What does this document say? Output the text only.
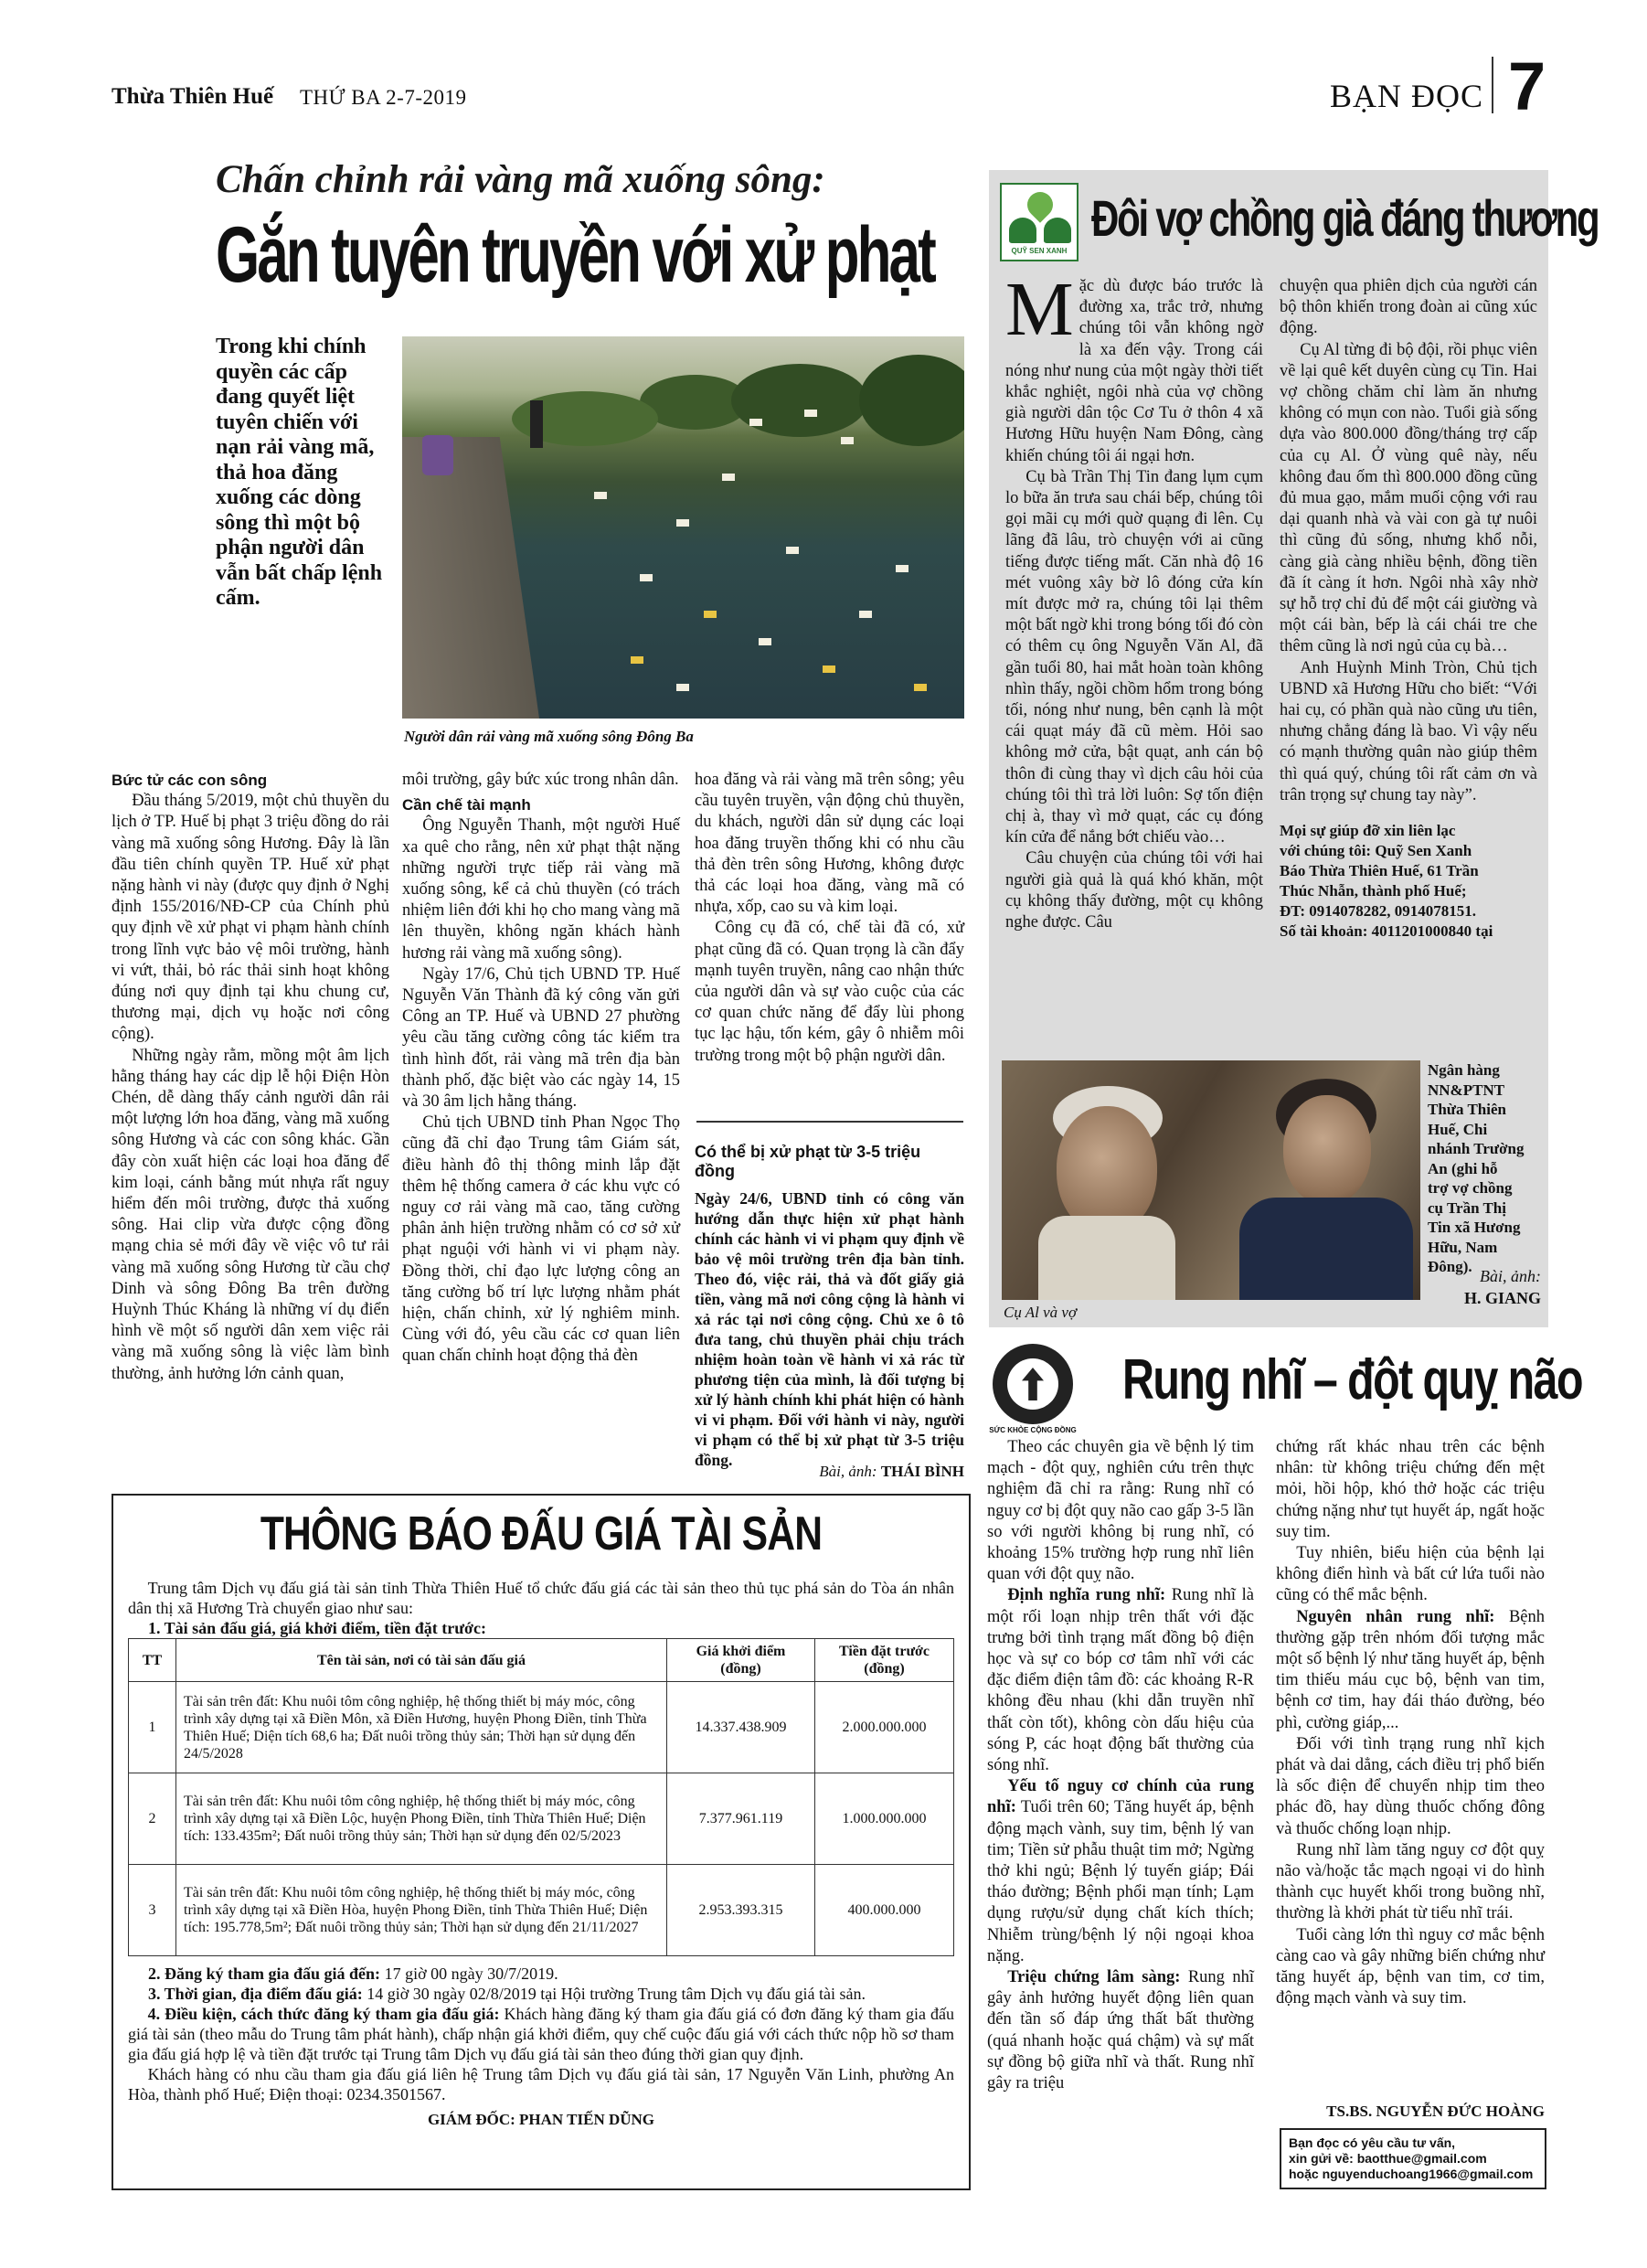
Thừa Thiên Huế THỨ BA 2-7-2019	BẠN ĐỌC 7
Chấn chỉnh rải vàng mã xuống sông:
Gắn tuyên truyền với xử phạt
Trong khi chính quyền các cấp đang quyết liệt tuyên chiến với nạn rải vàng mã, thả hoa đăng xuống các dòng sông thì một bộ phận người dân vẫn bất chấp lệnh cấm.
Người dân rải vàng mã xuống sông Đông Ba
Bức tử các con sông

Đầu tháng 5/2019, một chủ thuyền du lịch ở TP. Huế bị phạt 3 triệu đồng do rải vàng mã xuống sông Hương. Đây là lần đầu tiên chính quyền TP. Huế xử phạt nặng hành vi này (được quy định ở Nghị định 155/2016/NĐ-CP của Chính phủ quy định về xử phạt vi phạm hành chính trong lĩnh vực bảo vệ môi trường, hành vi vứt, thải, bỏ rác thải sinh hoạt không đúng nơi quy định tại khu chung cư, thương mại, dịch vụ hoặc nơi công cộng).

Những ngày rằm, mồng một âm lịch hằng tháng hay các dịp lễ hội Điện Hòn Chén, dễ dàng thấy cảnh người dân rải một lượng lớn hoa đăng, vàng mã xuống sông Hương và các con sông khác. Gần đây còn xuất hiện các loại hoa đăng để kim loại, cánh bằng mút nhựa rất nguy hiểm đến môi trường, được thả xuống sông. Hai clip vừa được cộng đồng mạng chia sẻ mới đây về việc vô tư rải vàng mã xuống sông Hương từ cầu chợ Dinh và sông Đông Ba trên đường Huỳnh Thúc Kháng là những ví dụ điển hình về một số người dân xem việc rải vàng mã xuống sông là việc làm bình thường, ảnh hưởng lớn cảnh quan,

môi trường, gây bức xúc trong nhân dân.

Cần chế tài mạnh

Ông Nguyễn Thanh, một người Huế xa quê cho rằng, nên xử phạt thật nặng những người trực tiếp rải vàng mã xuống sông, kể cả chủ thuyền (có trách nhiệm liên đới khi họ cho mang vàng mã lên thuyền, không ngăn khách hành hương rải vàng mã xuống sông).

Ngày 17/6, Chủ tịch UBND TP. Huế Nguyễn Văn Thành đã ký công văn gửi Công an TP. Huế và UBND 27 phường yêu cầu tăng cường công tác kiểm tra tình hình đốt, rải vàng mã trên địa bàn thành phố, đặc biệt vào các ngày 14, 15 và 30 âm lịch hằng tháng.

Chủ tịch UBND tỉnh Phan Ngọc Thọ cũng đã chỉ đạo Trung tâm Giám sát, điều hành đô thị thông minh lắp đặt thêm hệ thống camera ở các khu vực có nguy cơ rải vàng mã cao, tăng cường phân ảnh hiện trường nhằm có cơ sở xử phạt nguội với hành vi vi phạm này. Đồng thời, chỉ đạo lực lượng công an tăng cường bố trí lực lượng nhằm phát hiện, chấn chỉnh, xử lý nghiêm minh. Cùng với đó, yêu cầu các cơ quan liên quan chấn chỉnh hoạt động thả đèn

hoa đăng và rải vàng mã trên sông; yêu cầu tuyên truyền, vận động chủ thuyền, du khách, người dân sử dụng các loại hoa đăng truyền thống khi có nhu cầu thả đèn trên sông Hương, không được thả các loại hoa đăng, vàng mã có nhựa, xốp, cao su và kim loại.

Công cụ đã có, chế tài đã có, xử phạt cũng đã có. Quan trọng là cần đẩy mạnh tuyên truyền, nâng cao nhận thức của người dân và sự vào cuộc của các cơ quan chức năng để đẩy lùi phong tục lạc hậu, tốn kém, gây ô nhiễm môi trường trong một bộ phận người dân.

Có thể bị xử phạt từ 3-5 triệu đồng
Ngày 24/6, UBND tỉnh có công văn hướng dẫn thực hiện xử phạt hành chính các hành vi vi phạm quy định về bảo vệ môi trường trên địa bàn tỉnh. Theo đó, việc rải, thả và đốt giấy giả tiền, vàng mã nơi công cộng là hành vi xả rác tại nơi công cộng. Chủ xe ô tô đưa tang, chủ thuyền phải chịu trách nhiệm hoàn toàn về hành vi xả rác từ phương tiện của mình, là đối tượng bị xử lý hành chính khi phát hiện có hành vi vi phạm. Đối với hành vi này, người vi phạm có thể bị xử phạt từ 3-5 triệu đồng.
Bài, ảnh: THÁI BÌNH
QUỸ SEN XANH
Đôi vợ chồng già đáng thương
M ặc dù được báo trước là đường xa, trắc trở, nhưng chúng tôi vẫn không ngờ là xa đến vậy. Trong cái nóng như nung của một ngày thời tiết khắc nghiệt, ngôi nhà của vợ chồng già người dân tộc Cơ Tu ở thôn 4 xã Hương Hữu huyện Nam Đông, càng khiến chúng tôi ái ngại hơn.

Cụ bà Trần Thị Tin đang lụm cụm lo bữa ăn trưa sau chái bếp, chúng tôi gọi mãi cụ mới quờ quạng đi lên. Cụ lãng đã lâu, trò chuyện với ai cũng tiếng được tiếng mất. Căn nhà độ 16 mét vuông xây bờ lô đóng cửa kín mít được mở ra, chúng tôi lại thêm một bất ngờ khi trong bóng tối đó còn có thêm cụ ông Nguyễn Văn Al, đã gần tuổi 80, hai mắt hoàn toàn không nhìn thấy, ngồi chồm hổm trong bóng tối, nóng như nung, bên cạnh là một cái quạt máy đã cũ mèm. Hỏi sao không mở cửa, bật quạt, anh cán bộ thôn đi cùng thay vì dịch câu hỏi của chúng tôi thì trả lời luôn: Sợ tốn điện chị à, thay vì mở quạt, các cụ đóng kín cửa để nắng bớt chiếu vào…

Câu chuyện của chúng tôi với hai người già quả là quá khó khăn, một cụ không thấy đường, một cụ không nghe được. Câu

chuyện qua phiên dịch của người cán bộ thôn khiến trong đoàn ai cũng xúc động.

Cụ Al từng đi bộ đội, rồi phục viên về lại quê kết duyên cùng cụ Tin. Hai vợ chồng chăm chỉ làm ăn nhưng không có mụn con nào. Tuổi già sống dựa vào 800.000 đồng/tháng trợ cấp của cụ Al. Ở vùng quê này, nếu không đau ốm thì 800.000 đồng cũng đủ mua gạo, mắm muối cộng với rau dại quanh nhà và vài con gà tự nuôi thì cũng đủ sống, nhưng khổ nỗi, càng già càng nhiều bệnh, đồng tiền đã ít càng ít hơn. Ngôi nhà xây nhờ sự hỗ trợ chỉ đủ để một cái giường và một cái bàn, bếp là cái chái tre che thêm cũng là nơi ngủ của cụ bà…

Anh Huỳnh Minh Tròn, Chủ tịch UBND xã Hương Hữu cho biết: “Với hai cụ, có phần quà nào cũng ưu tiên, nhưng chẳng đáng là bao. Vì vậy nếu có mạnh thường quân nào giúp thêm thì quá quý, chúng tôi rất cảm ơn và trân trọng sự chung tay này”.

Mọi sự giúp đỡ xin liên lạc
với chúng tôi: Quỹ Sen Xanh
Báo Thừa Thiên Huế, 61 Trần
Thúc Nhẫn, thành phố Huế;
ĐT: 0914078282, 0914078151.
Số tài khoản: 4011201000840 tại
Ngân hàng
NN&PTNT
Thừa Thiên
Huế, Chi
nhánh Trường
An (ghi hỗ
trợ vợ chồng
cụ Trần Thị
Tin xã Hương
Hữu, Nam
Đông).
Cụ Al và vợ
Bài, ảnh:
H. GIANG
SỨC KHỎE CỘNG ĐỒNG
Rung nhĩ – đột quỵ não

Theo các chuyên gia về bệnh lý tim mạch - đột quỵ, nghiên cứu trên thực nghiệm đã chỉ ra rằng: Rung nhĩ có nguy cơ bị đột quỵ não cao gấp 3-5 lần so với người không bị rung nhĩ, có khoảng 15% trường hợp rung nhĩ liên quan với đột quỵ não.

Định nghĩa rung nhĩ: Rung nhĩ là một rối loạn nhịp trên thất với đặc trưng bởi tình trạng mất đồng bộ điện học và sự co bóp cơ tâm nhĩ với các đặc điểm điện tâm đồ: các khoảng R-R không đều nhau (khi dẫn truyền nhĩ thất còn tốt), không còn dấu hiệu của sóng P, các hoạt động bất thường của sóng nhĩ.

Yếu tố nguy cơ chính của rung nhĩ: Tuổi trên 60; Tăng huyết áp, bệnh động mạch vành, suy tim, bệnh lý van tim; Tiền sử phẫu thuật tim mở; Ngừng thở khi ngủ; Bệnh lý tuyến giáp; Đái tháo đường; Bệnh phổi mạn tính; Lạm dụng rượu/sử dụng chất kích thích; Nhiễm trùng/bệnh lý nội ngoại khoa nặng.

Triệu chứng lâm sàng: Rung nhĩ gây ảnh hưởng huyết động liên quan đến tần số đáp ứng thất bất thường (quá nhanh hoặc quá chậm) và sự mất sự đồng bộ giữa nhĩ và thất. Rung nhĩ gây ra triệu

chứng rất khác nhau trên các bệnh nhân: từ không triệu chứng đến mệt mỏi, hồi hộp, khó thở hoặc các triệu chứng nặng như tụt huyết áp, ngất hoặc suy tim.

Tuy nhiên, biểu hiện của bệnh lại không điển hình và bất cứ lứa tuổi nào cũng có thể mắc bệnh.

Nguyên nhân rung nhĩ: Bệnh thường gặp trên nhóm đối tượng mắc một số bệnh lý như tăng huyết áp, bệnh tim thiếu máu cục bộ, bệnh van tim, bệnh cơ tim, hay đái tháo đường, béo phì, cường giáp,...

Đối với tình trạng rung nhĩ kịch phát và dai dẳng, cách điều trị phổ biến là sốc điện để chuyển nhịp tim theo phác đồ, hay dùng thuốc chống đông và thuốc chống loạn nhịp.

Rung nhĩ làm tăng nguy cơ đột quỵ não và/hoặc tắc mạch ngoại vi do hình thành cục huyết khối trong buồng nhĩ, thường là khởi phát từ tiểu nhĩ trái.

Tuổi càng lớn thì nguy cơ mắc bệnh càng cao và gây những biến chứng như tăng huyết áp, bệnh van tim, cơ tim, động mạch vành và suy tim.

TS.BS. NGUYỄN ĐỨC HOÀNG
Bạn đọc có yêu cầu tư vấn,
xin gửi về: baotthue@gmail.com
hoặc nguyenduchoang1966@gmail.com
THÔNG BÁO ĐẤU GIÁ TÀI SẢN

Trung tâm Dịch vụ đấu giá tài sản tỉnh Thừa Thiên Huế tổ chức đấu giá các tài sản theo thủ tục phá sản do Tòa án nhân dân thị xã Hương Trà chuyển giao như sau:

1. Tài sản đấu giá, giá khởi điểm, tiền đặt trước:
TT	Tên tài sản, nơi có tài sản đấu giá	Giá khởi điểm (đồng)	Tiền đặt trước (đồng)
1	Tài sản trên đất: Khu nuôi tôm công nghiệp, hệ thống thiết bị máy móc, công trình xây dựng tại xã Điền Môn, xã Điền Hương, huyện Phong Điền, tỉnh Thừa Thiên Huế; Diện tích 68,6 ha; Đất nuôi trồng thủy sản; Thời hạn sử dụng đến 24/5/2028	14.337.438.909	2.000.000.000
2	Tài sản trên đất: Khu nuôi tôm công nghiệp, hệ thống thiết bị máy móc, công trình xây dựng tại xã Điền Lộc, huyện Phong Điền, tỉnh Thừa Thiên Huế; Diện tích: 133.435m²; Đất nuôi trồng thủy sản; Thời hạn sử dụng đến 02/5/2023	7.377.961.119	1.000.000.000
3	Tài sản trên đất: Khu nuôi tôm công nghiệp, hệ thống thiết bị máy móc, công trình xây dựng tại xã Điền Hòa, huyện Phong Điền, tỉnh Thừa Thiên Huế; Diện tích: 195.778,5m²; Đất nuôi trồng thủy sản; Thời hạn sử dụng đến 21/11/2027	2.953.393.315	400.000.000
2. Đăng ký tham gia đấu giá đến: 17 giờ 00 ngày 30/7/2019.
3. Thời gian, địa điểm đấu giá: 14 giờ 30 ngày 02/8/2019 tại Hội trường Trung tâm Dịch vụ đấu giá tài sản.

4. Điều kiện, cách thức đăng ký tham gia đấu giá: Khách hàng đăng ký tham gia đấu giá có đơn đăng ký tham gia đấu giá tài sản (theo mẫu do Trung tâm phát hành), chấp nhận giá khởi điểm, quy chế cuộc đấu giá với cách thức nộp hồ sơ tham gia đấu giá hợp lệ và tiền đặt trước tại Trung tâm Dịch vụ đấu giá tài sản theo đúng thời gian quy định.

Khách hàng có nhu cầu tham gia đấu giá liên hệ Trung tâm Dịch vụ đấu giá tài sản, 17 Nguyễn Văn Linh, phường An Hòa, thành phố Huế; Điện thoại: 0234.3501567.

GIÁM ĐỐC: PHAN TIẾN DŨNG
